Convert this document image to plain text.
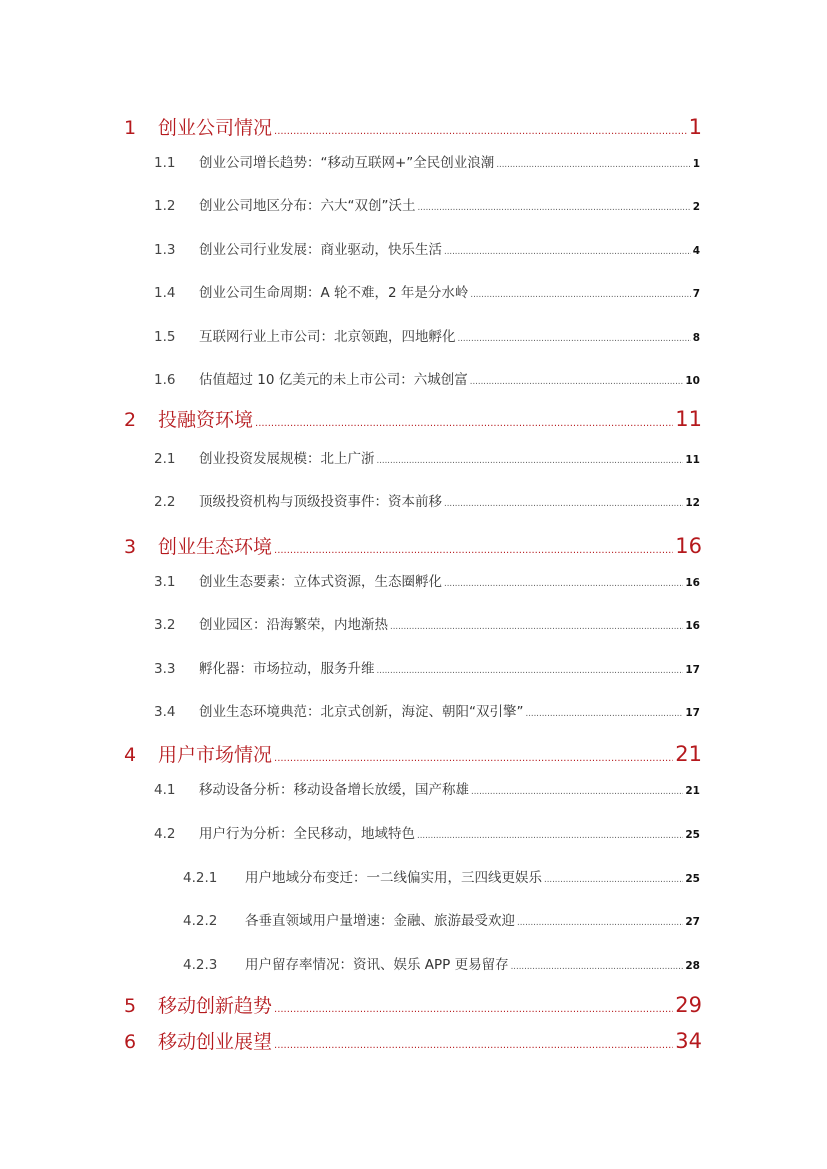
1	创业公司情况 .....	1
1.1	创业公司增长趋势：“移动互联网+”全民创业浪潮 .....	1
1.2	创业公司地区分布：六大“双创”沃土 .....	2
1.3	创业公司行业发展：商业驱动，快乐生活 .....	4
1.4	创业公司生命周期：A 轮不难，2 年是分水岭 .....	7
1.5	互联网行业上市公司：北京领跑，四地孵化 .....	8
1.6	估值超过 10 亿美元的未上市公司：六城创富 .....	10
2	投融资环境 .....	11
2.1	创业投资发展规模：北上广浙 .....	11
2.2	顶级投资机构与顶级投资事件：资本前移 .....	12
3	创业生态环境 .....	16
3.1	创业生态要素：立体式资源，生态圈孵化 .....	16
3.2	创业园区：沿海繁荣，内地渐热 .....	16
3.3	孵化器：市场拉动，服务升维 .....	17
3.4	创业生态环境典范：北京式创新，海淀、朝阳“双引擎” .....	17
4	用户市场情况 .....	21
4.1	移动设备分析：移动设备增长放缓，国产称雄 .....	21
4.2	用户行为分析：全民移动，地域特色 .....	25
4.2.1	用户地域分布变迁：一二线偏实用，三四线更娱乐 .....	25
4.2.2	各垂直领域用户量增速：金融、旅游最受欢迎 .....	27
4.2.3	用户留存率情况：资讯、娱乐 APP 更易留存 .....	28
5	移动创新趋势 .....	29
6	移动创业展望 .....	34
